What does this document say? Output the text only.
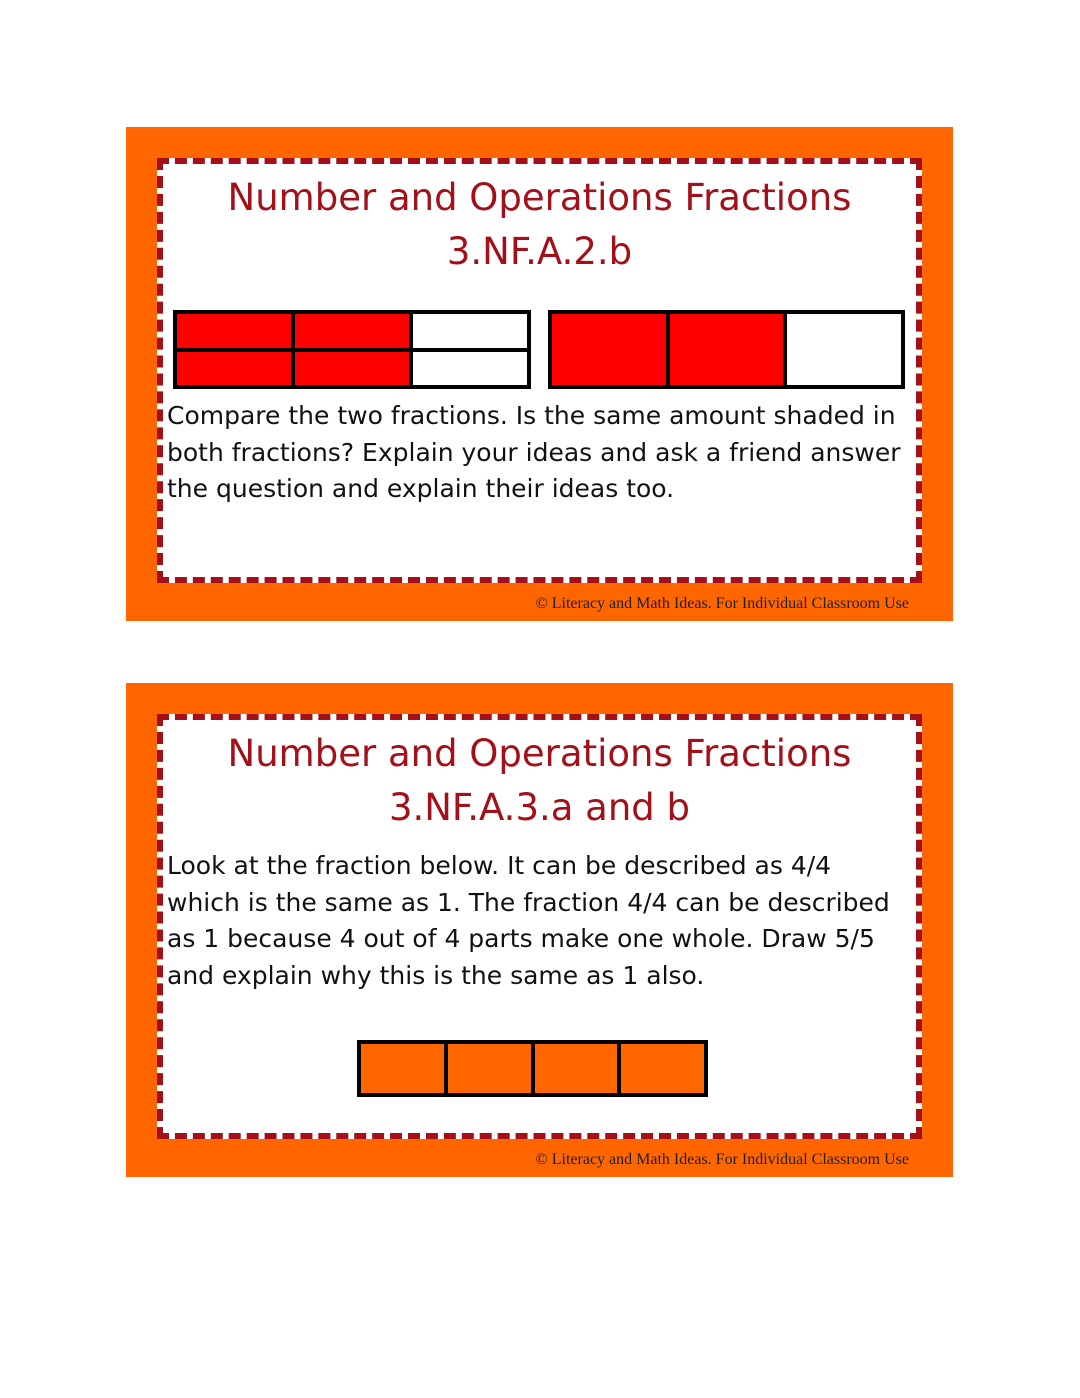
Number and Operations Fractions
3.NF.A.2.b
Compare the two fractions. Is the same amount shaded in both fractions? Explain your ideas and ask a friend answer the question and explain their ideas too.
© Literacy and Math Ideas. For Individual Classroom Use
Number and Operations Fractions
3.NF.A.3.a and b
Look at the fraction below. It can be described as 4/4 which is the same as 1. The fraction 4/4 can be described as 1 because 4 out of 4 parts make one whole. Draw 5/5 and explain why this is the same as 1 also.
© Literacy and Math Ideas. For Individual Classroom Use
